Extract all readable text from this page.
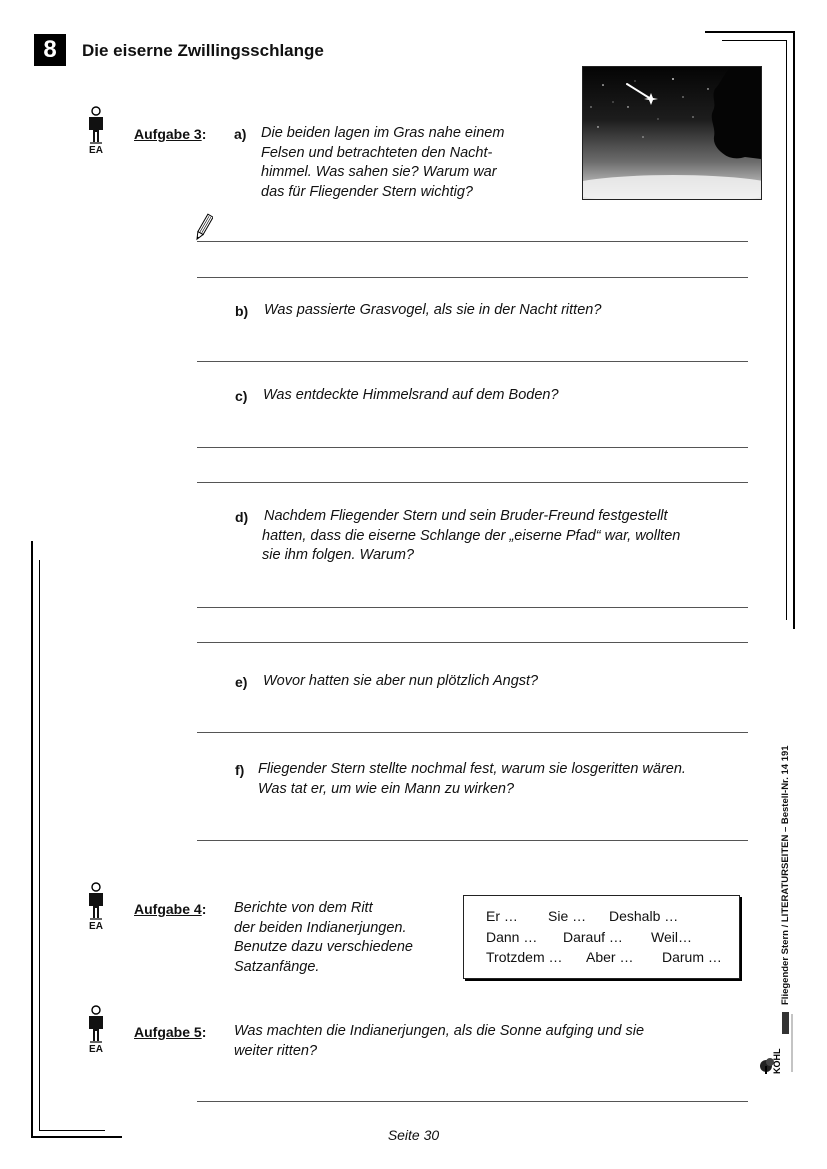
8	Die eiserne Zwillingsschlange
EA
Aufgabe 3: a) Die beiden lagen im Gras nahe einem
Felsen und betrachteten den Nacht-
himmel. Was sahen sie? Warum war
das für Fliegender Stern wichtig?
b) Was passierte Grasvogel, als sie in der Nacht ritten?
c) Was entdeckte Himmelsrand auf dem Boden?
d) Nachdem Fliegender Stern und sein Bruder-Freund festgestellt
hatten, dass die eiserne Schlange der „eiserne Pfad“ war, wollten
sie ihm folgen. Warum?
e) Wovor hatten sie aber nun plötzlich Angst?
f) Fliegender Stern stellte nochmal fest, warum sie losgeritten wären.
Was tat er, um wie ein Mann zu wirken?
EA
Aufgabe 4: Berichte von dem Ritt
der beiden Indianerjungen.
Benutze dazu verschiedene
Satzanfänge.
Er … Sie … Deshalb …
Dann … Darauf … Weil…
Trotzdem … Aber … Darum …
EA
Aufgabe 5: Was machten die Indianerjungen, als die Sonne aufging und sie
weiter ritten?
Fliegender Stern / LITERATURSEITEN – Bestell-Nr. 14 191
KOHL
Seite 30
